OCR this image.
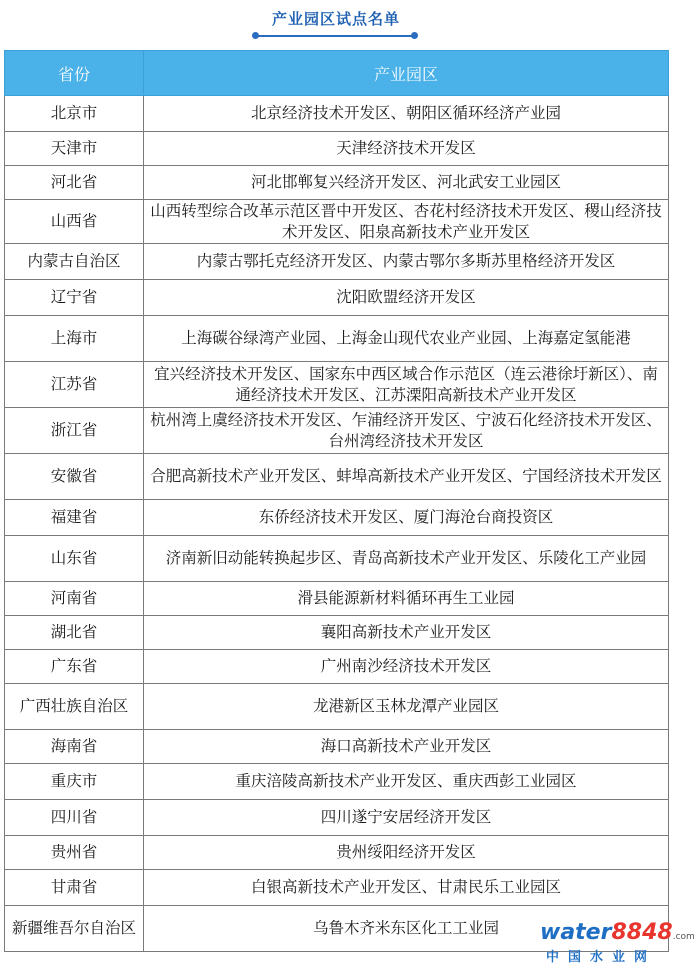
产业园区试点名单
省份	产业园区
北京市	北京经济技术开发区、朝阳区循环经济产业园
天津市	天津经济技术开发区
河北省	河北邯郸复兴经济开发区、河北武安工业园区
山西省	山西转型综合改革示范区晋中开发区、杏花村经济技术开发区、稷山经济技术开发区、阳泉高新技术产业开发区
内蒙古自治区	内蒙古鄂托克经济开发区、内蒙古鄂尔多斯苏里格经济开发区
辽宁省	沈阳欧盟经济开发区
上海市	上海碳谷绿湾产业园、上海金山现代农业产业园、上海嘉定氢能港
江苏省	宜兴经济技术开发区、国家东中西区域合作示范区（连云港徐圩新区）、南通经济技术开发区、江苏溧阳高新技术产业开发区
浙江省	杭州湾上虞经济技术开发区、乍浦经济开发区、宁波石化经济技术开发区、台州湾经济技术开发区
安徽省	合肥高新技术产业开发区、蚌埠高新技术产业开发区、宁国经济技术开发区
福建省	东侨经济技术开发区、厦门海沧台商投资区
山东省	济南新旧动能转换起步区、青岛高新技术产业开发区、乐陵化工产业园
河南省	滑县能源新材料循环再生工业园
湖北省	襄阳高新技术产业开发区
广东省	广州南沙经济技术开发区
广西壮族自治区	龙港新区玉林龙潭产业园区
海南省	海口高新技术产业开发区
重庆市	重庆涪陵高新技术产业开发区、重庆西彭工业园区
四川省	四川遂宁安居经济开发区
贵州省	贵州绥阳经济开发区
甘肃省	白银高新技术产业开发区、甘肃民乐工业园区
新疆维吾尔自治区	乌鲁木齐米东区化工工业园 water8848.com
中国水业网
